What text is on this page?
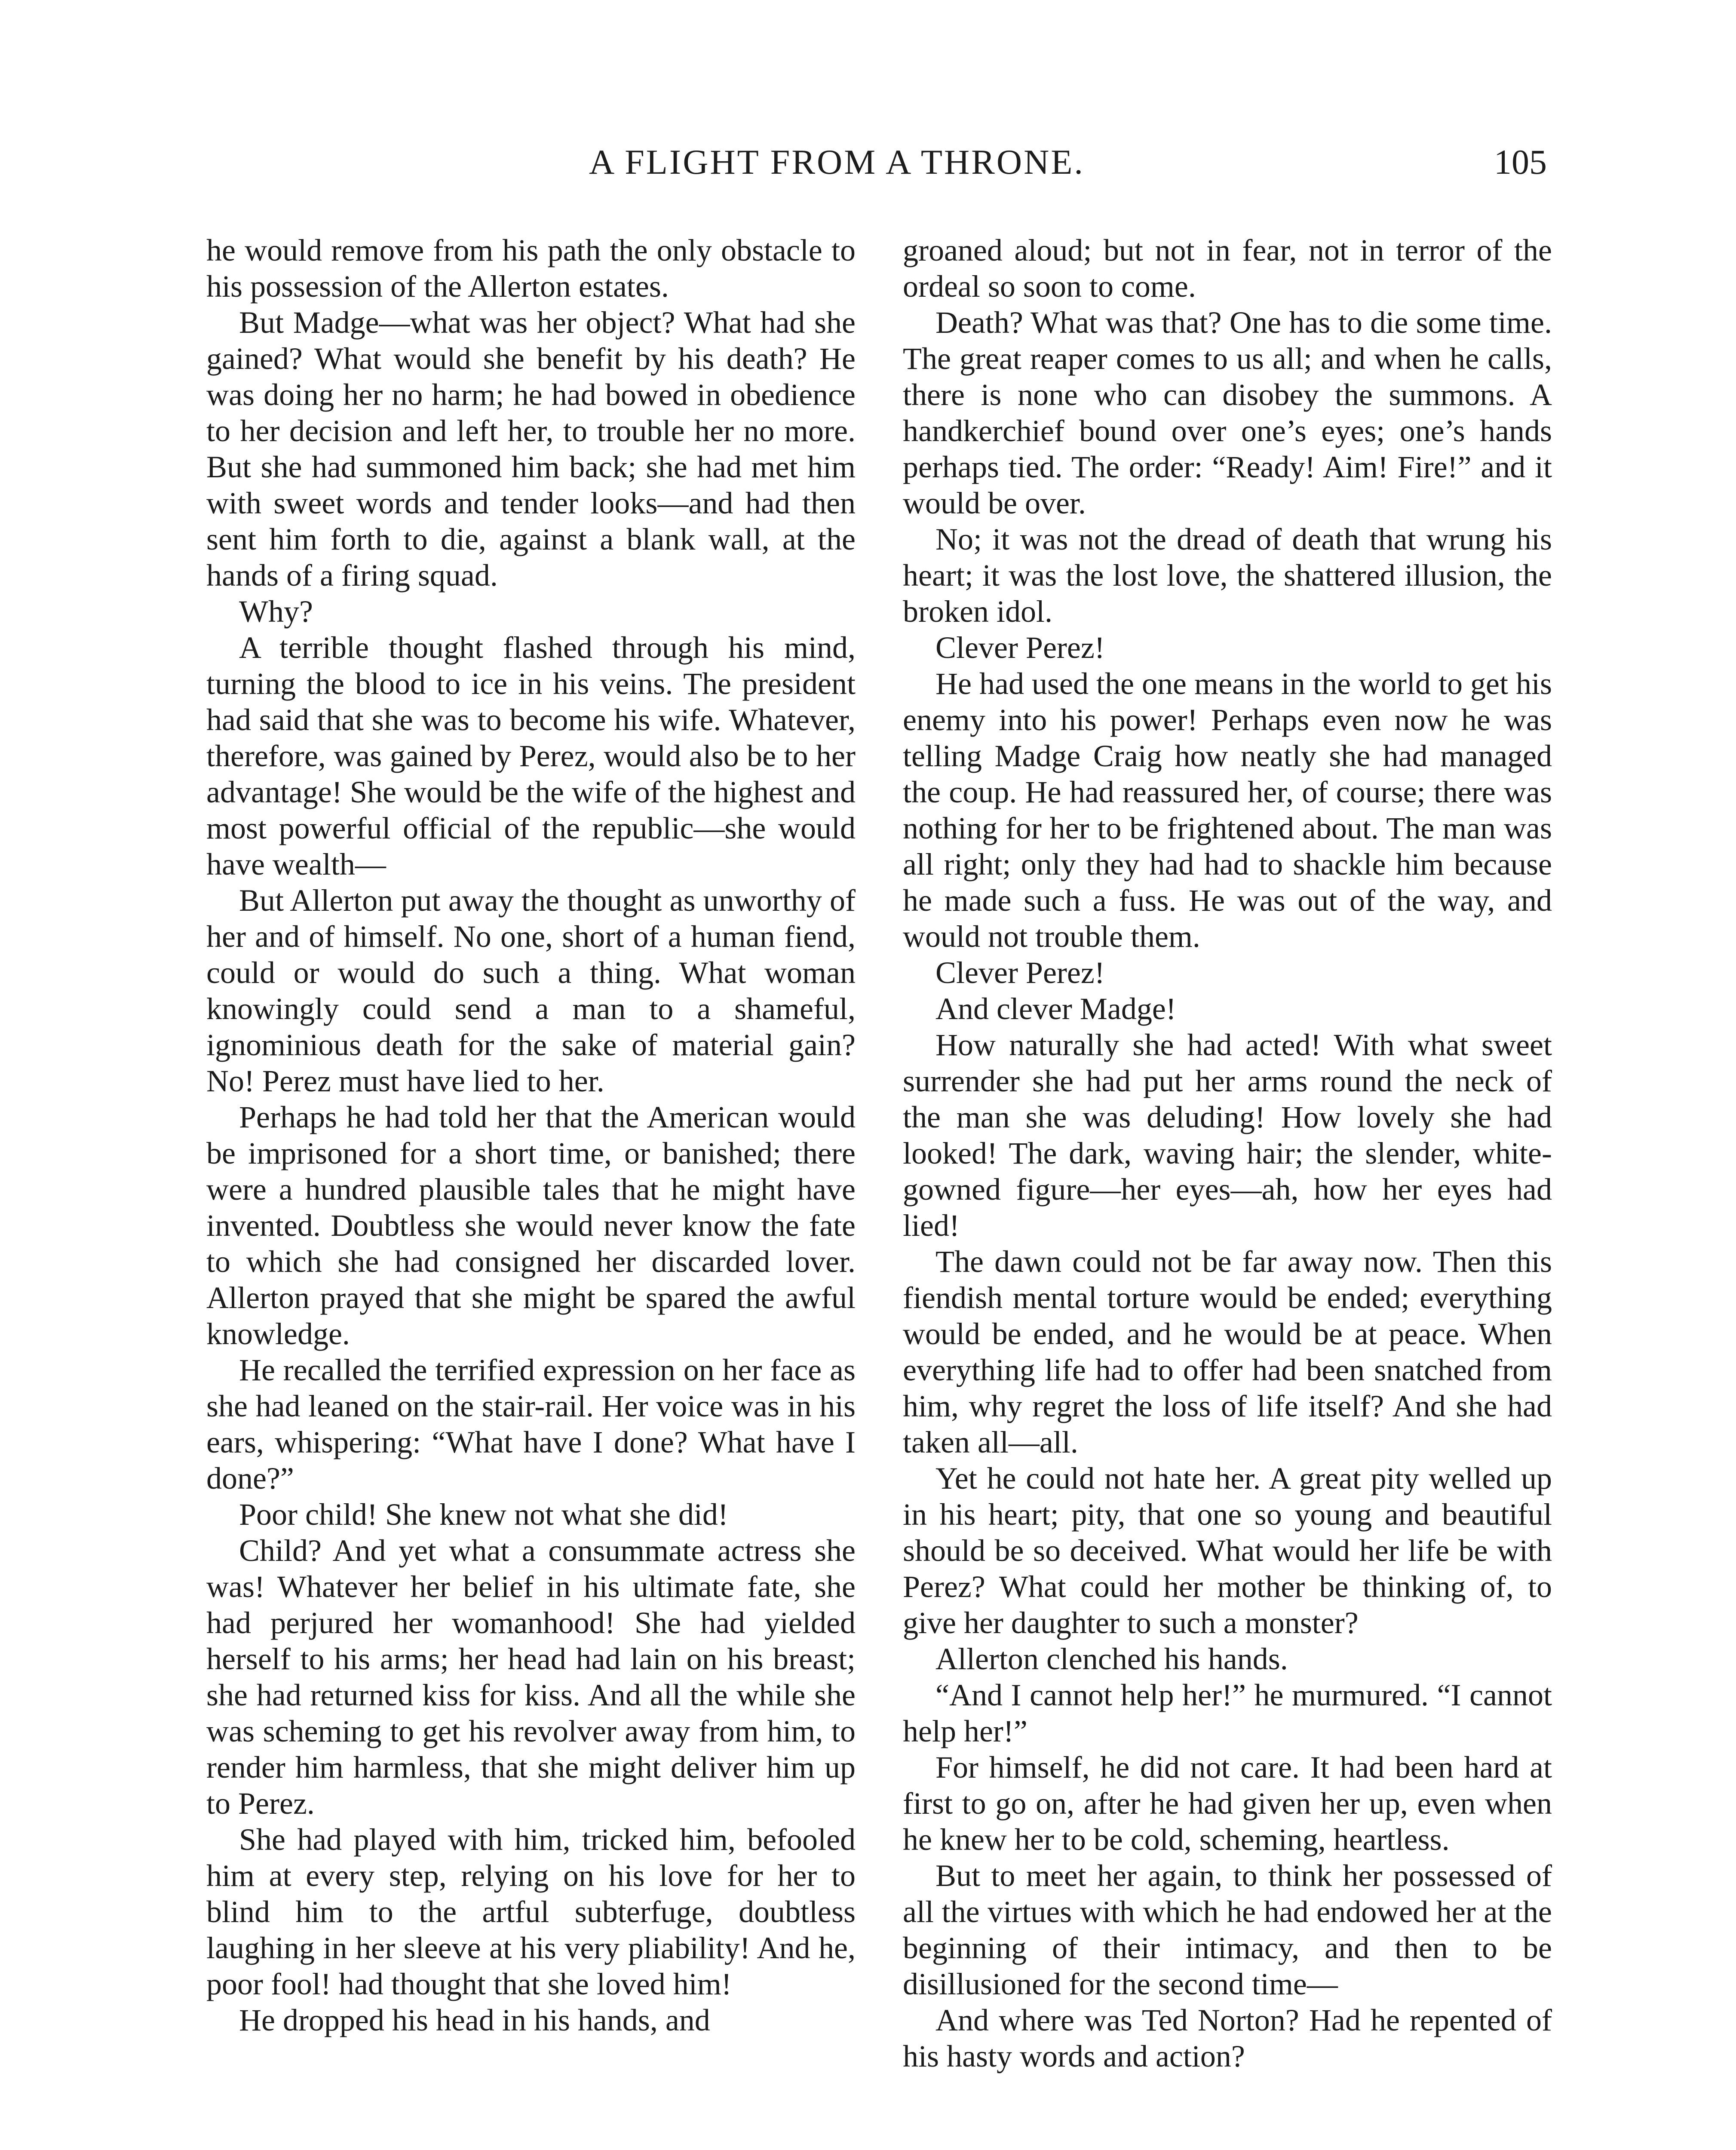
A FLIGHT FROM A THRONE.	105

he would remove from his path the only obstacle to his possession of the Allerton estates.

But Madge—what was her object? What had she gained? What would she benefit by his death? He was doing her no harm; he had bowed in obedience to her decision and left her, to trouble her no more. But she had summoned him back; she had met him with sweet words and tender looks—and had then sent him forth to die, against a blank wall, at the hands of a firing squad.

Why?

A terrible thought flashed through his mind, turning the blood to ice in his veins. The president had said that she was to become his wife. Whatever, therefore, was gained by Perez, would also be to her advantage! She would be the wife of the highest and most powerful official of the republic—she would have wealth—

But Allerton put away the thought as unworthy of her and of himself. No one, short of a human fiend, could or would do such a thing. What woman knowingly could send a man to a shameful, ignominious death for the sake of material gain? No! Perez must have lied to her.

Perhaps he had told her that the American would be imprisoned for a short time, or banished; there were a hundred plausible tales that he might have invented. Doubtless she would never know the fate to which she had consigned her discarded lover. Allerton prayed that she might be spared the awful knowledge.

He recalled the terrified expression on her face as she had leaned on the stair-rail. Her voice was in his ears, whispering: “What have I done? What have I done?”

Poor child! She knew not what she did!

Child? And yet what a consummate actress she was! Whatever her belief in his ultimate fate, she had perjured her womanhood! She had yielded herself to his arms; her head had lain on his breast; she had returned kiss for kiss. And all the while she was scheming to get his revolver away from him, to render him harmless, that she might deliver him up to Perez.

She had played with him, tricked him, befooled him at every step, relying on his love for her to blind him to the artful subterfuge, doubtless laughing in her sleeve at his very pliability! And he, poor fool! had thought that she loved him!

He dropped his head in his hands, and

groaned aloud; but not in fear, not in terror of the ordeal so soon to come.

Death? What was that? One has to die some time. The great reaper comes to us all; and when he calls, there is none who can disobey the summons. A handkerchief bound over one’s eyes; one’s hands perhaps tied. The order: “Ready! Aim! Fire!” and it would be over.

No; it was not the dread of death that wrung his heart; it was the lost love, the shattered illusion, the broken idol.

Clever Perez!

He had used the one means in the world to get his enemy into his power! Perhaps even now he was telling Madge Craig how neatly she had managed the coup. He had reassured her, of course; there was nothing for her to be frightened about. The man was all right; only they had had to shackle him because he made such a fuss. He was out of the way, and would not trouble them.

Clever Perez!

And clever Madge!

How naturally she had acted! With what sweet surrender she had put her arms round the neck of the man she was deluding! How lovely she had looked! The dark, waving hair; the slender, white-gowned figure—her eyes—ah, how her eyes had lied!

The dawn could not be far away now. Then this fiendish mental torture would be ended; everything would be ended, and he would be at peace. When everything life had to offer had been snatched from him, why regret the loss of life itself? And she had taken all—all.

Yet he could not hate her. A great pity welled up in his heart; pity, that one so young and beautiful should be so deceived. What would her life be with Perez? What could her mother be thinking of, to give her daughter to such a monster?

Allerton clenched his hands.

“And I cannot help her!” he murmured. “I cannot help her!”

For himself, he did not care. It had been hard at first to go on, after he had given her up, even when he knew her to be cold, scheming, heartless.

But to meet her again, to think her possessed of all the virtues with which he had endowed her at the beginning of their intimacy, and then to be disillusioned for the second time—

And where was Ted Norton? Had he repented of his hasty words and action?
